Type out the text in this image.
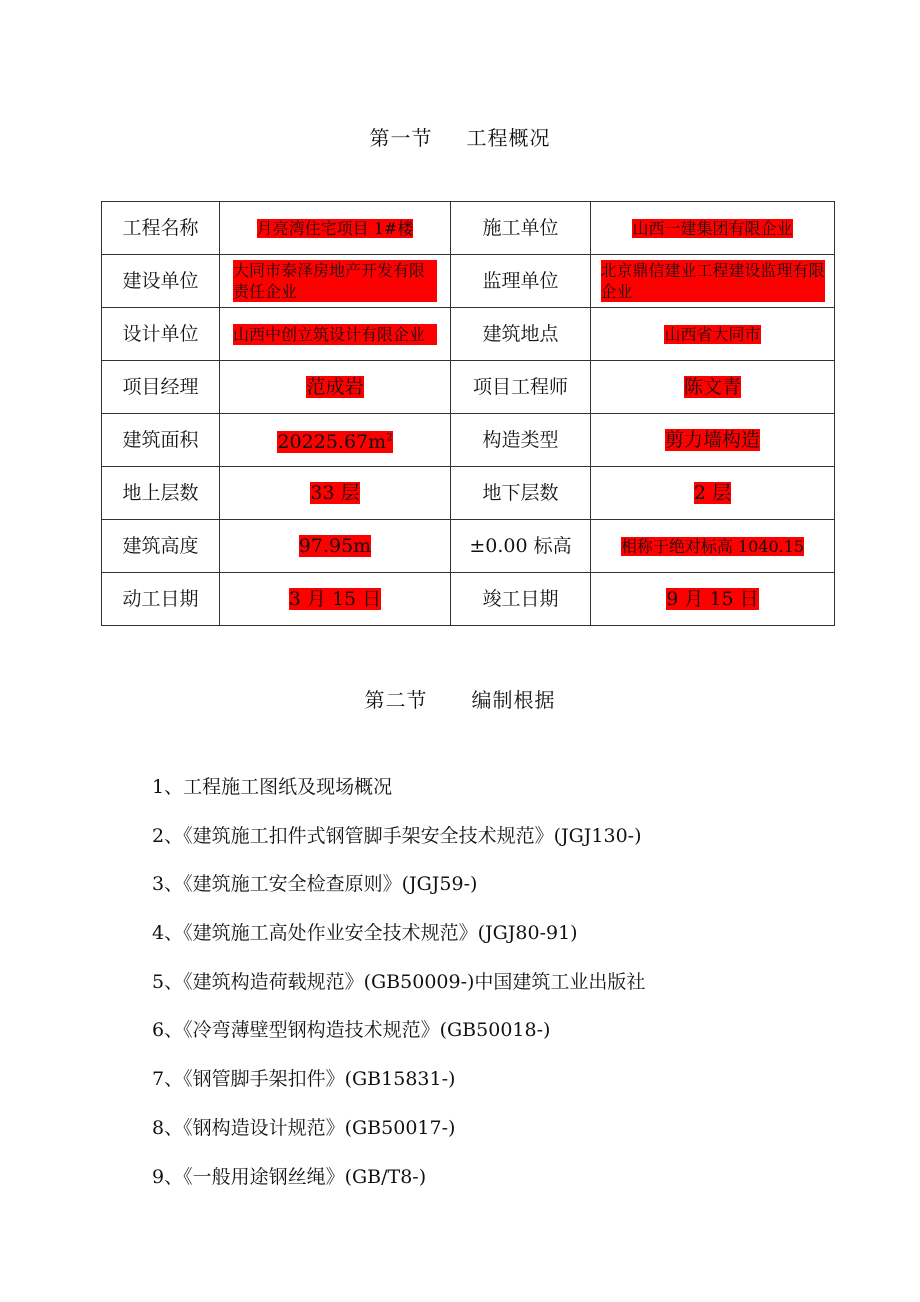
第一节 工程概况
工程名称	月亮湾住宅项目 1#楼	施工单位	山西一建集团有限企业
建设单位	大同市泰泽房地产开发有限责任企业	监理单位	北京鼎信建业工程建设监理有限企业
设计单位	山西中创立筑设计有限企业	建筑地点	山西省大同市
项目经理	范成岩	项目工程师	陈文青
建筑面积	$20225.67m^2$	构造类型	剪力墙构造
地上层数	33 层	地下层数	2 层
建筑高度	97.95m	±0.00 标高	相称于绝对标高 1040.15
动工日期	3 月 15 日	竣工日期	9 月 15 日
第二节 编制根据
1、工程施工图纸及现场概况
2、《建筑施工扣件式钢管脚手架安全技术规范》(JGJ130-)
3、《建筑施工安全检查原则》(JGJ59-)
4、《建筑施工高处作业安全技术规范》(JGJ80-91)
5、《建筑构造荷载规范》(GB50009-)中国建筑工业出版社
6、《冷弯薄壁型钢构造技术规范》(GB50018-)
7、《钢管脚手架扣件》(GB15831-)
8、《钢构造设计规范》(GB50017-)
9、《一般用途钢丝绳》(GB/T8-)
